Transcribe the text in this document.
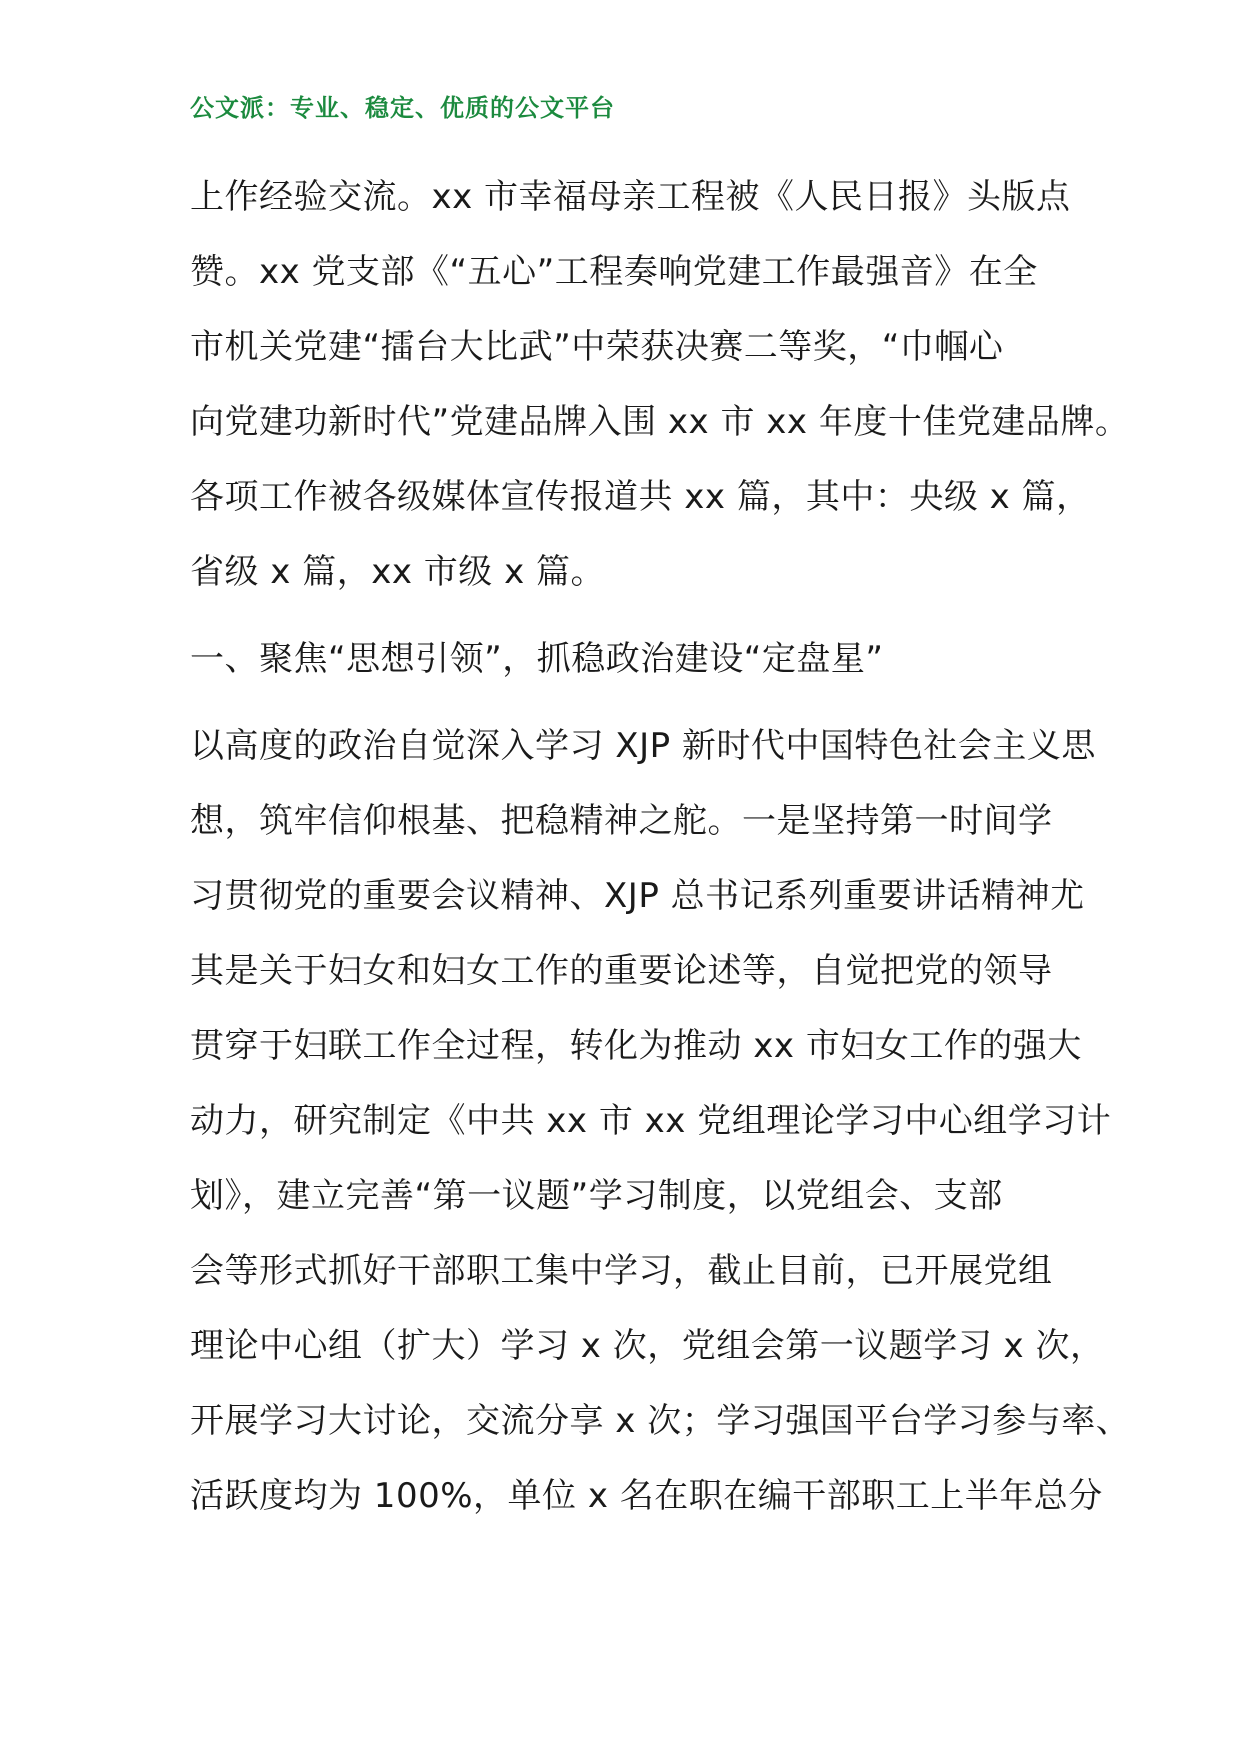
公文派：专业、稳定、优质的公文平台
上作经验交流。xx 市幸福母亲工程被《人民日报》头版点
赞。xx 党支部《“五心”工程奏响党建工作最强音》在全
市机关党建“擂台大比武”中荣获决赛二等奖，“巾帼心
向党建功新时代”党建品牌入围 xx 市 xx 年度十佳党建品牌。
各项工作被各级媒体宣传报道共 xx 篇，其中：央级 x 篇，
省级 x 篇，xx 市级 x 篇。
一、聚焦“思想引领”，抓稳政治建设“定盘星”
以高度的政治自觉深入学习 XJP 新时代中国特色社会主义思
想，筑牢信仰根基、把稳精神之舵。一是坚持第一时间学
习贯彻党的重要会议精神、XJP 总书记系列重要讲话精神尤
其是关于妇女和妇女工作的重要论述等，自觉把党的领导
贯穿于妇联工作全过程，转化为推动 xx 市妇女工作的强大
动力，研究制定《中共 xx 市 xx 党组理论学习中心组学习计
划》，建立完善“第一议题”学习制度，以党组会、支部
会等形式抓好干部职工集中学习，截止目前，已开展党组
理论中心组（扩大）学习 x 次，党组会第一议题学习 x 次，
开展学习大讨论，交流分享 x 次；学习强国平台学习参与率、
活跃度均为 100%，单位 x 名在职在编干部职工上半年总分
